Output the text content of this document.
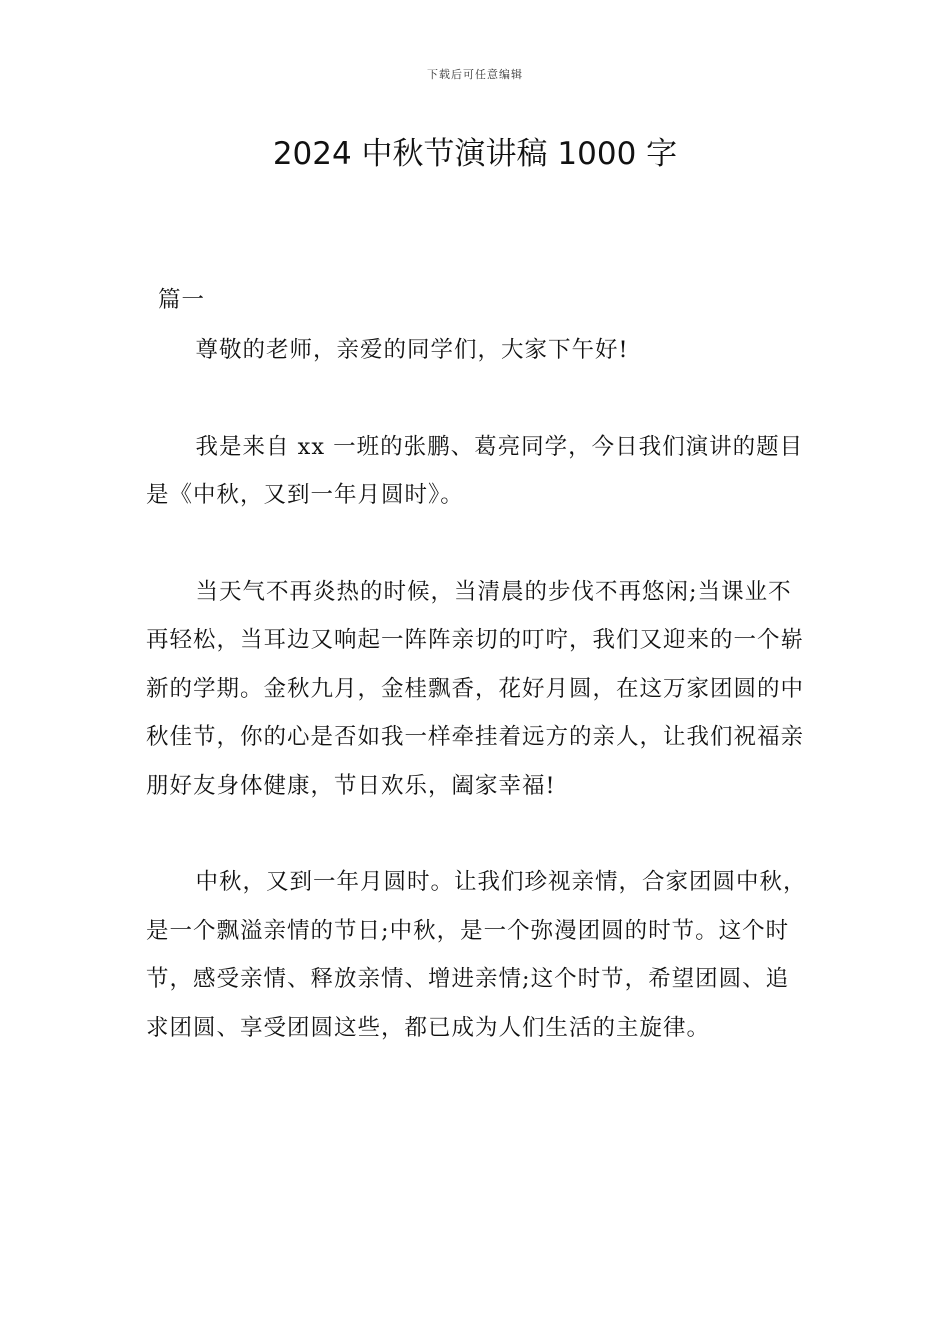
下载后可任意编辑
2024 中秋节演讲稿 1000 字
篇一

尊敬的老师，亲爱的同学们，大家下午好!

我是来自 xx 一班的张鹏、葛亮同学，今日我们演讲的题目是《中秋，又到一年月圆时》。

当天气不再炎热的时候，当清晨的步伐不再悠闲;当课业不再轻松，当耳边又响起一阵阵亲切的叮咛，我们又迎来的一个崭新的学期。金秋九月，金桂飘香，花好月圆，在这万家团圆的中秋佳节，你的心是否如我一样牵挂着远方的亲人，让我们祝福亲朋好友身体健康，节日欢乐，阖家幸福!

中秋，又到一年月圆时。让我们珍视亲情，合家团圆中秋，是一个飘溢亲情的节日;中秋，是一个弥漫团圆的时节。这个时节，感受亲情、释放亲情、增进亲情;这个时节，希望团圆、追求团圆、享受团圆这些，都已成为人们生活的主旋律。
